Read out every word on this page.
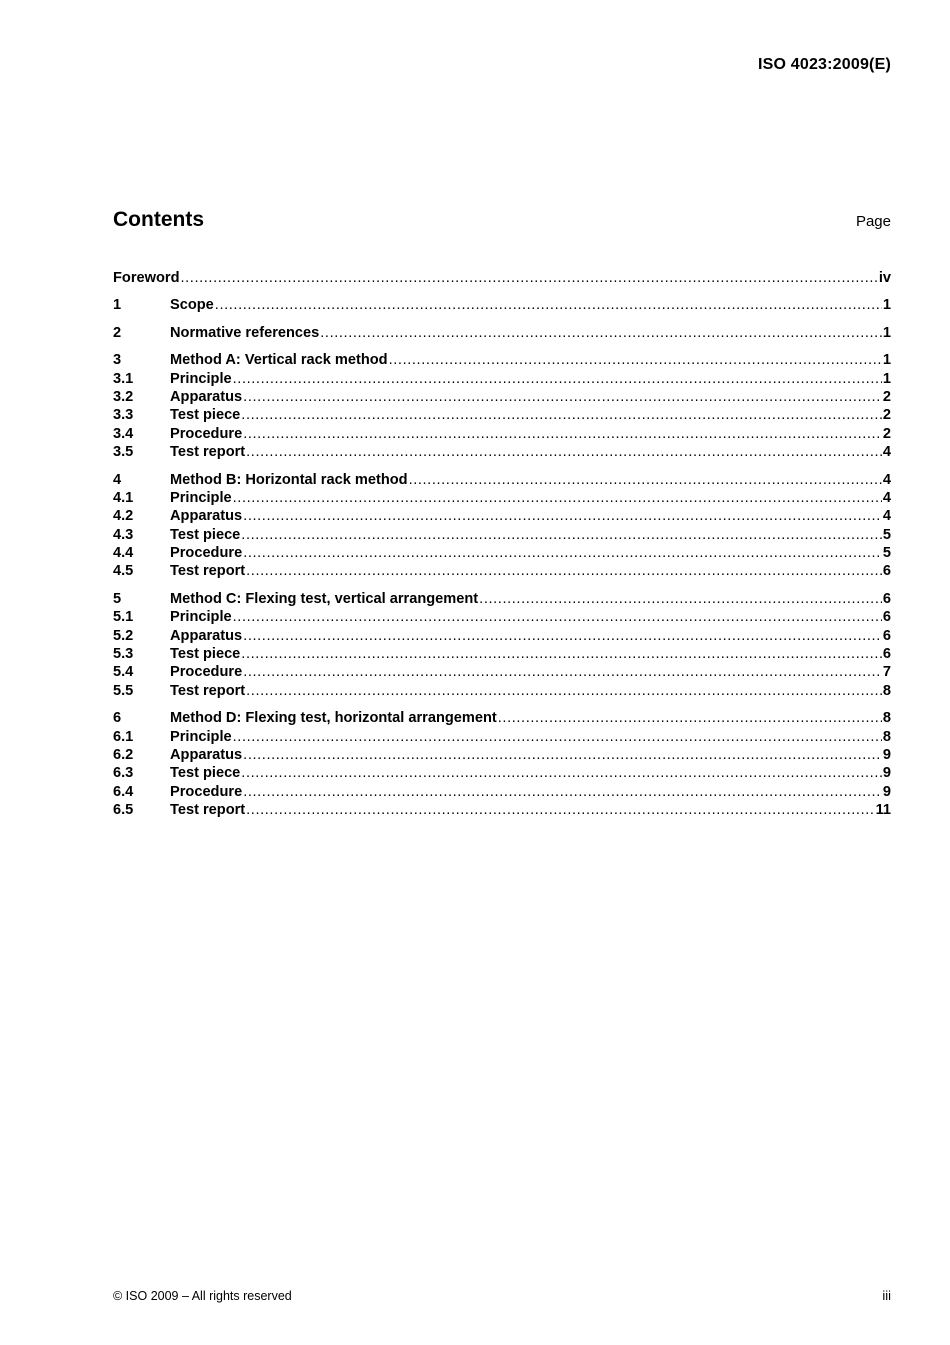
ISO 4023:2009(E)
Contents	Page
Foreword .....	iv
1	Scope .....	1
2	Normative references .....	1
3	Method A: Vertical rack method .....	1
3.1	Principle .....	1
3.2	Apparatus .....	2
3.3	Test piece .....	2
3.4	Procedure .....	2
3.5	Test report .....	4
4	Method B: Horizontal rack method .....	4
4.1	Principle .....	4
4.2	Apparatus .....	4
4.3	Test piece .....	5
4.4	Procedure .....	5
4.5	Test report .....	6
5	Method C: Flexing test, vertical arrangement .....	6
5.1	Principle .....	6
5.2	Apparatus .....	6
5.3	Test piece .....	6
5.4	Procedure .....	7
5.5	Test report .....	8
6	Method D: Flexing test, horizontal arrangement .....	8
6.1	Principle .....	8
6.2	Apparatus .....	9
6.3	Test piece .....	9
6.4	Procedure .....	9
6.5	Test report .....	11
© ISO 2009 – All rights reserved	iii
